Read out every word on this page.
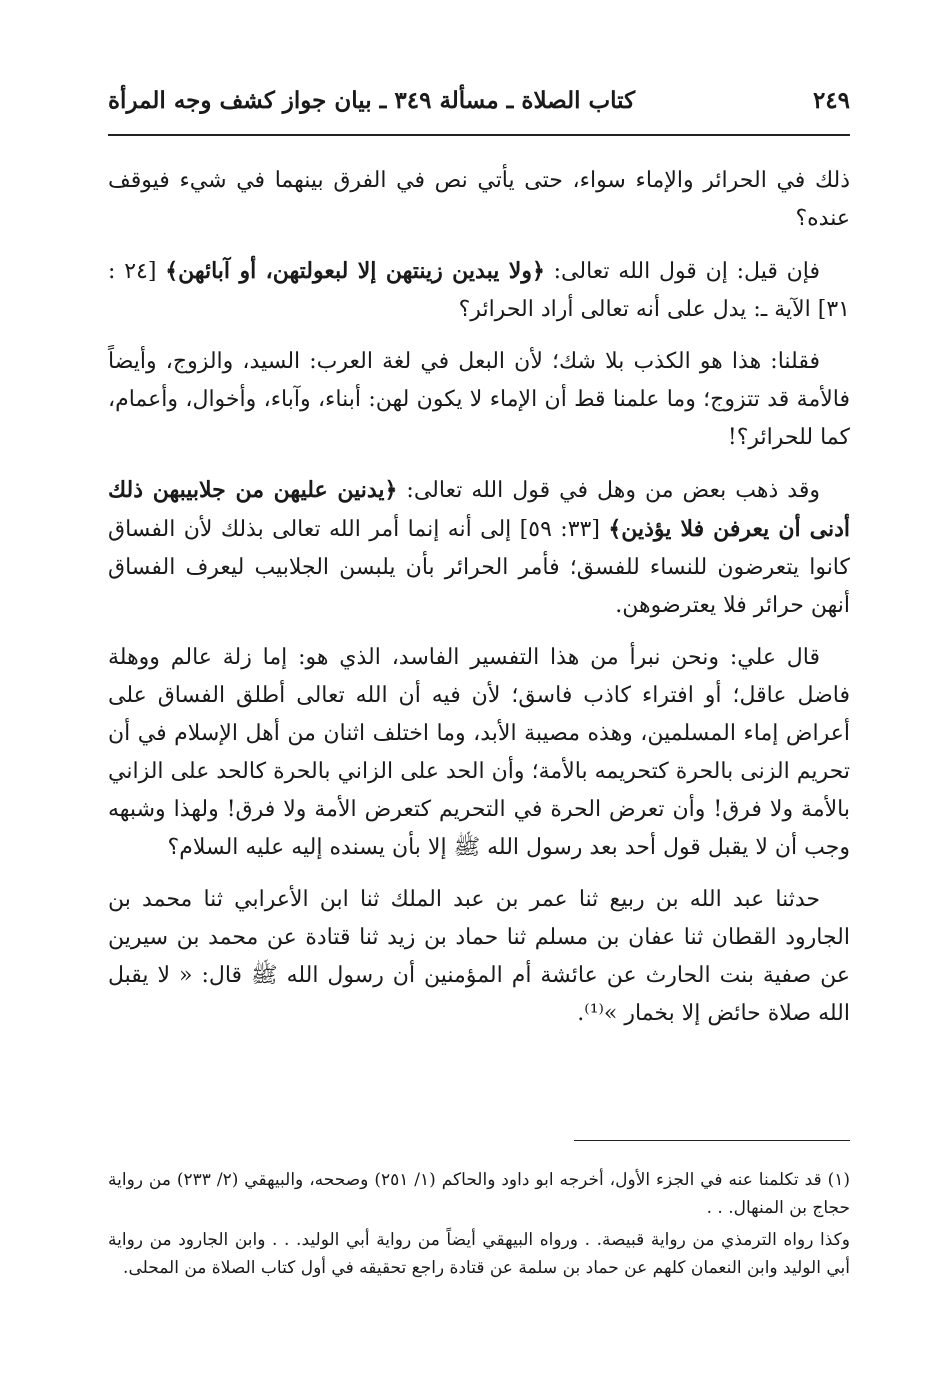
كتاب الصلاة ـ مسألة ٣٤٩ ـ بيان جواز كشف وجه المرأة	٢٤٩

ذلك في الحرائر والإماء سواء، حتى يأتي نص في الفرق بينهما في شيء فيوقف عنده؟

فإن قيل: إن قول الله تعالى: ﴿ولا يبدين زينتهن إلا لبعولتهن، أو آبائهن﴾ [٢٤ : ٣١] الآية ـ: يدل على أنه تعالى أراد الحرائر؟

فقلنا: هذا هو الكذب بلا شك؛ لأن البعل في لغة العرب: السيد، والزوج، وأيضاً فالأمة قد تتزوج؛ وما علمنا قط أن الإماء لا يكون لهن: أبناء، وآباء، وأخوال، وأعمام، كما للحرائر؟!

وقد ذهب بعض من وهل في قول الله تعالى: ﴿يدنين عليهن من جلابيبهن ذلك أدنى أن يعرفن فلا يؤذين﴾ [٣٣: ٥٩] إلى أنه إنما أمر الله تعالى بذلك لأن الفساق كانوا يتعرضون للنساء للفسق؛ فأمر الحرائر بأن يلبسن الجلابيب ليعرف الفساق أنهن حرائر فلا يعترضوهن.

قال علي: ونحن نبرأ من هذا التفسير الفاسد، الذي هو: إما زلة عالم ووهلة فاضل عاقل؛ أو افتراء كاذب فاسق؛ لأن فيه أن الله تعالى أطلق الفساق على أعراض إماء المسلمين، وهذه مصيبة الأبد، وما اختلف اثنان من أهل الإسلام في أن تحريم الزنى بالحرة كتحريمه بالأمة؛ وأن الحد على الزاني بالحرة كالحد على الزاني بالأمة ولا فرق! وأن تعرض الحرة في التحريم كتعرض الأمة ولا فرق! ولهذا وشبهه وجب أن لا يقبل قول أحد بعد رسول الله ﷺ إلا بأن يسنده إليه عليه السلام؟

حدثنا عبد الله بن ربيع ثنا عمر بن عبد الملك ثنا ابن الأعرابي ثنا محمد بن الجارود القطان ثنا عفان بن مسلم ثنا حماد بن زيد ثنا قتادة عن محمد بن سيرين عن صفية بنت الحارث عن عائشة أم المؤمنين أن رسول الله ﷺ قال: « لا يقبل الله صلاة حائض إلا بخمار »⁽¹⁾.

(١) قد تكلمنا عنه في الجزء الأول، أخرجه ابو داود والحاكم (١/ ٢٥١) وصححه، والبيهقي (٢/ ٢٣٣) من رواية حجاج بن المنهال. . .

وكذا رواه الترمذي من رواية قبيصة. . ورواه البيهقي أيضاً من رواية أبي الوليد. . . وابن الجارود من رواية أبي الوليد وابن النعمان كلهم عن حماد بن سلمة عن قتادة راجع تحقيقه في أول كتاب الصلاة من المحلى.
